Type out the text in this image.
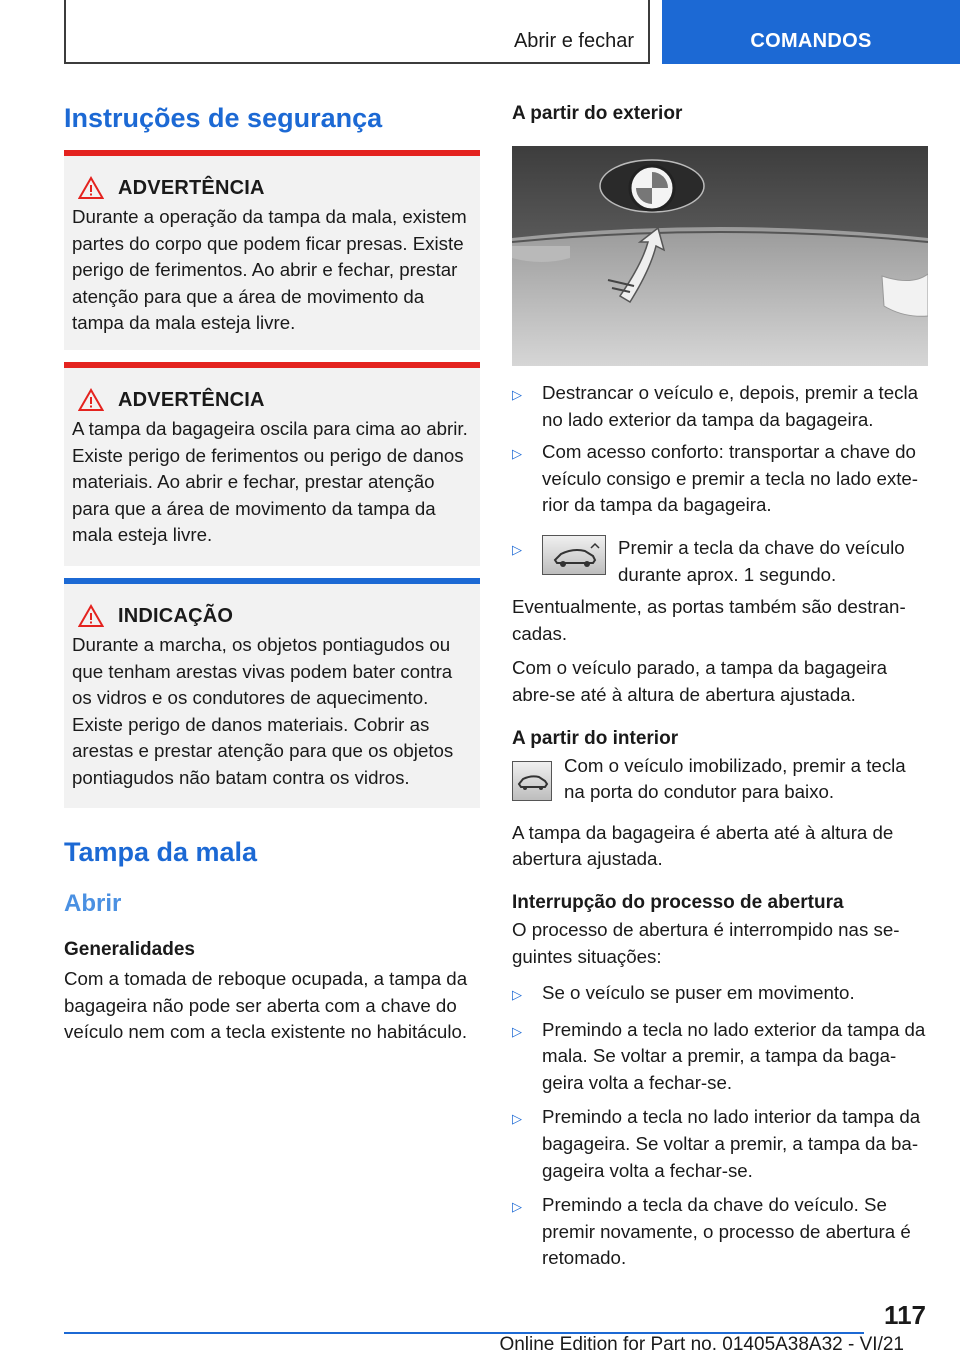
Abrir e fechar	COMANDOS
Instruções de segurança
ADVERTÊNCIA
Durante a operação da tampa da mala, existem partes do corpo que podem ficar presas. Existe perigo de ferimentos. Ao abrir e fechar, prestar atenção para que a área de movimento da tampa da mala esteja livre.
ADVERTÊNCIA
A tampa da bagageira oscila para cima ao abrir. Existe perigo de ferimentos ou perigo de danos materiais. Ao abrir e fechar, prestar atenção para que a área de movimento da tampa da mala esteja livre.
INDICAÇÃO
Durante a marcha, os objetos pontiagudos ou que tenham arestas vivas podem bater contra os vidros e os condutores de aquecimento. Existe perigo de danos materiais. Cobrir as arestas e prestar atenção para que os objetos pontiagudos não batam contra os vidros.
Tampa da mala
Abrir
Generalidades

Com a tomada de reboque ocupada, a tampa da bagageira não pode ser aberta com a chave do veículo nem com a tecla existente no habitáculo.

A partir do exterior
▷	Destrancar o veículo e, depois, premir a tecla no lado exterior da tampa da bagageira.
▷	Com acesso conforto: transportar a chave do veículo consigo e premir a tecla no lado exte‐rior da tampa da bagageira.
▷	Premir a tecla da chave do veículo durante aprox. 1 segundo.

Eventualmente, as portas também são destran‐cadas.

Com o veículo parado, a tampa da bagageira abre-se até à altura de abertura ajustada.

A partir do interior
Com o veículo imobilizado, premir a tecla na porta do condutor para baixo.

A tampa da bagageira é aberta até à altura de abertura ajustada.

Interrupção do processo de abertura

O processo de abertura é interrompido nas se‐guintes situações:

▷	Se o veículo se puser em movimento.
▷	Premindo a tecla no lado exterior da tampa da mala. Se voltar a premir, a tampa da baga‐geira volta a fechar-se.
▷	Premindo a tecla no lado interior da tampa da bagageira. Se voltar a premir, a tampa da ba‐gageira volta a fechar-se.
▷	Premindo a tecla da chave do veículo. Se premir novamente, o processo de abertura é retomado.
117
Online Edition for Part no. 01405A38A32 - VI/21
